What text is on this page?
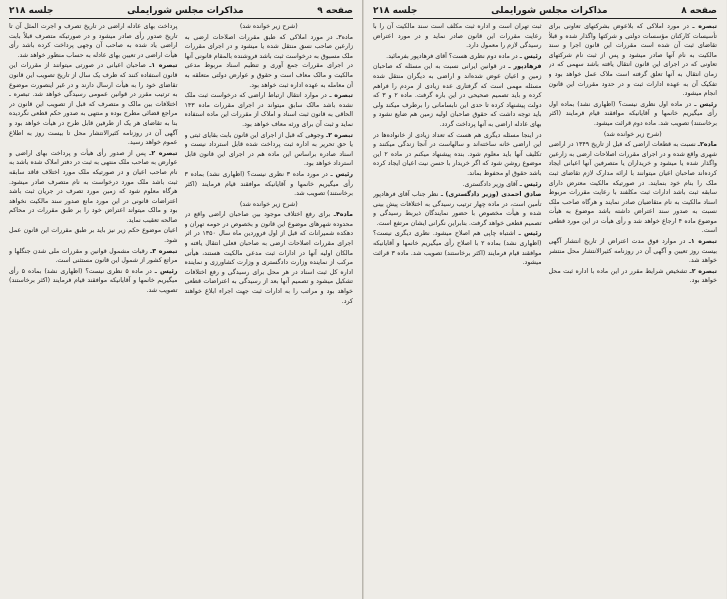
صفحه ٩
مذاکرات مجلس شورایملی
جلسه ۲۱۸

(شرح زیر خوانده شد)

ماده۳ـ در مورد املاکی که طبق مقررات اصلاحات ارضی به زارعین صاحب نسق منتقل شده یا میشود و در اجرای مقررات ملک مسبوق به درخواست ثبت باشد فروشنده بالمقام قانونی آنها در اجرای مقررات جمع آوری و تنظیم اسناد مربوط مدعی مالکیت و مالک معاف است و حقوق و عوارض دولتی متعلقه به آن معامله به عهده اداره ثبت خواهد بود.

تبصره ـ در موارد انتقال ارتباط اراضی که درخواست ثبت ملک نشده باشد مالک سابق میتواند در اجرای مقررات ماده ۱۴۳ الحاقی به قانون ثبت اسناد و املاک از مقررات این ماده استفاده نماید و ثبت آن برای ورثه معاف خواهد بود.

تبصره ۲ـ وجوهی که قبل از اجرای این قانون بابت بقایای ثبتی و یا حق تحریر به اداره ثبت پرداخت شده قابل استرداد نیست و اسناد صادره براساس این ماده هم در اجرای این قانون قابل استرداد خواهد بود.

رئیس ـ در مورد ماده ۳ نظری نیست؟ (اظهاری نشد) بماده ۳ رأی میگیریم خانمها و آقایانیکه موافقند قیام فرمایند (اکثر برخاستند) تصویب شد.

(شرح زیر خوانده شد)

ماده۴ـ برای رفع اختلاف موجود بین صاحبان اراضی واقع در محدوده شهرهای موضوع این قانون و بخصوص در حومه تهران و دهکده شمیرانات که قبل از اول فروردین ماه سال ۱۳۵۰ در اثر اجرای مقررات اصلاحات ارضی به صاحبان فعلی انتقال یافته و مالکان اولیه آنها در ادارات ثبت مدعی مالکیت هستند، هیأتی مرکب از نماینده وزارت دادگستری و وزارت کشاورزی و نماینده اداره کل ثبت اسناد در هر محل برای رسیدگی و رفع اختلافات تشکیل میشود و تصمیم آنها بعد از رسیدگی به اعتراضات قطعی خواهد بود و مراتب را به ادارات ثبت جهت اجراء ابلاغ خواهند کرد.

پرداخت بهای عادله اراضی در تاریخ تصرف و اجرت المثل آن تا تاریخ صدور رأی صادر میشود و در صورتیکه متصرف قبلاً بابت اراضی یاد شده به صاحب آن وجهی پرداخت کرده باشد رأی هیأت اراضی در تعیین بهای عادله به حساب منظور خواهد شد.

تبصره ۱ـ صاحبان اعیانی در صورتی میتوانند از مقررات این قانون استفاده کنند که ظرف یک سال از تاریخ تصویب این قانون تقاضای خود را به هیأت ارسال دارند و در غیر اینصورت موضوع به ترتیب مقرر در قوانین عمومی رسیدگی خواهد شد. تبصره ـ اختلافات بین مالک و متصرف که قبل از تصویب این قانون در مراجع قضائی مطرح بوده و منتهی به صدور حکم قطعی نگردیده بنا به تقاضای هر یک از طرفین قابل طرح در هیأت خواهد بود و آگهی آن در روزنامه کثیرالانتشار محل تا بیست روز به اطلاع عموم خواهد رسید.

تبصره ۲ـ پس از صدور رأی هیأت و پرداخت بهای اراضی و عوارض به صاحب ملک منتهی به ثبت در دفتر املاک شده باشد به نام صاحب اعیان و در صورتیکه ملک مورد اختلاف فاقد سابقه ثبت باشد ملک مورد درخواست به نام متصرف صادر میشود. هرگاه معلوم شود که زمین مورد تصرف در جریان ثبت باشد اعتراضات قانونی در این مورد مانع صدور سند مالکیت نخواهد بود و مالک میتواند اعتراض خود را بر طبق مقررات در محاکم صالحه تعقیب نماید.

اعیان موضوع حکم زیر نیز باید بر طبق مقررات این قانون عمل شود.

تبصره ۳ـ رقبات مشمول قوانین و مقررات ملی شدن جنگلها و مراتع کشور از شمول این قانون مستثنی است.

رئیس ـ در ماده ۵ نظری نیست؟ (اظهاری نشد) بماده ۵ رأی میگیریم خانمها و آقایانیکه موافقند قیام فرمایند (اکثر برخاستند) تصویب شد.

صفحه ۸
مذاکرات مجلس شورایملی
جلسه ۲۱۸

تبصره ـ در مورد املاکی که بلاعوض بشرکتهای تعاونی برای تأسیسات کارکنان مؤسسات دولتی و شرکتها واگذار شده و قبلاً تقاضای ثبت آن شده است مقررات این قانون اجرا و سند مالکیت به نام آنها صادر میشود و پس از ثبت نام شرکتهای تعاونی که در اجرای این قانون انتقال یافته باشد سهمی که در زمان انتقال به آنها تعلق گرفته است ملاک عمل خواهد بود و تفکیک آن به عهده ادارات ثبت و در حدود مقررات این قانون انجام میشود.

رئیس ـ در ماده اول نظری نیست؟ (اظهاری نشد) بماده اول رأی میگیریم خانمها و آقایانیکه موافقند قیام فرمایند (اکثر برخاستند) تصویب شد. ماده دوم قرائت میشود.

(شرح زیر خوانده شد)

ماده۲ـ نسبت به قطعات اراضی که قبل از تاریخ ۱۳۴۹ در اراضی شهری واقع شده و در اجرای مقررات اصلاحات ارضی به زارعین واگذار شده یا میشود و خریداران یا متصرفین آنها اعیانی ایجاد کرده‌اند صاحبان اعیان میتوانند با ارائه مدارک لازم تقاضای ثبت ملک را بنام خود بنمایند. در صورتیکه مالکیت معترض دارای سابقه ثبت باشد ادارات ثبت مکلفند با رعایت مقررات مربوط اسناد مالکیت به نام متقاضیان صادر نمایند و هرگاه صاحب ملک نسبت به صدور سند اعتراض داشته باشد موضوع به هیأت موضوع ماده ۴ ارجاع خواهد شد و رأی هیأت در این مورد قطعی است.

تبصره ۱ـ در موارد فوق مدت اعتراض از تاریخ انتشار آگهی بیست روز تعیین و آگهی آن در روزنامه کثیرالانتشار محل منتشر خواهد شد.

تبصره ۲ـ تشخیص شرایط مقرر در این ماده با اداره ثبت محل خواهد بود.

ثبت تهران است و اداره ثبت مکلف است سند مالکیت آن را با رعایت مقررات این قانون صادر نماید و در مورد اعتراض رسیدگی لازم را معمول دارد.

رئیس ـ در ماده دوم نظری هست؟ آقای فرهادپور بفرمائید.

فرهادپور ـ در قوانین ایرانی نسبت به این مسئله که صاحبان زمین و اعیان عوض شده‌اند و اراضی به دیگران منتقل شده مسئله مهمی است که گرفتاری عده زیادی از مردم را فراهم کرده و باید تصمیم صحیحی در این باره گرفت. ماده ۲ و ۳ که دولت پیشنهاد کرده تا حدی این نابسامانی را برطرف میکند ولی باید توجه داشت که حقوق صاحبان اولیه زمین هم ضایع نشود و بهای عادله اراضی به آنها پرداخت گردد.

در اینجا مسئله دیگری هم هست که تعداد زیادی از خانواده‌ها در این اراضی خانه ساخته‌اند و سالهاست در آنجا زندگی میکنند و تکلیف آنها باید معلوم شود. بنده پیشنهاد میکنم در ماده ۲ این موضوع روشن شود که اگر خریدار با حسن نیت اعیان ایجاد کرده باشد حقوق او محفوظ بماند.

رئیس ـ آقای وزیر دادگستری.

صادق احمدی (وزیر دادگستری) ـ نظر جناب آقای فرهادپور تأمین است، در ماده چهار ترتیب رسیدگی به اختلافات پیش بینی شده و هیأت مخصوص با حضور نمایندگان ذیربط رسیدگی و تصمیم قطعی خواهد گرفت. بنابراین نگرانی ایشان مرتفع است.

رئیس ـ اشتباه چاپی هم اصلاح میشود. نظری دیگری نیست؟ (اظهاری نشد) بماده ۲ با اصلاح رأی میگیریم خانمها و آقایانیکه موافقند قیام فرمایند (اکثر برخاستند) تصویب شد. ماده ۳ قرائت میشود.
